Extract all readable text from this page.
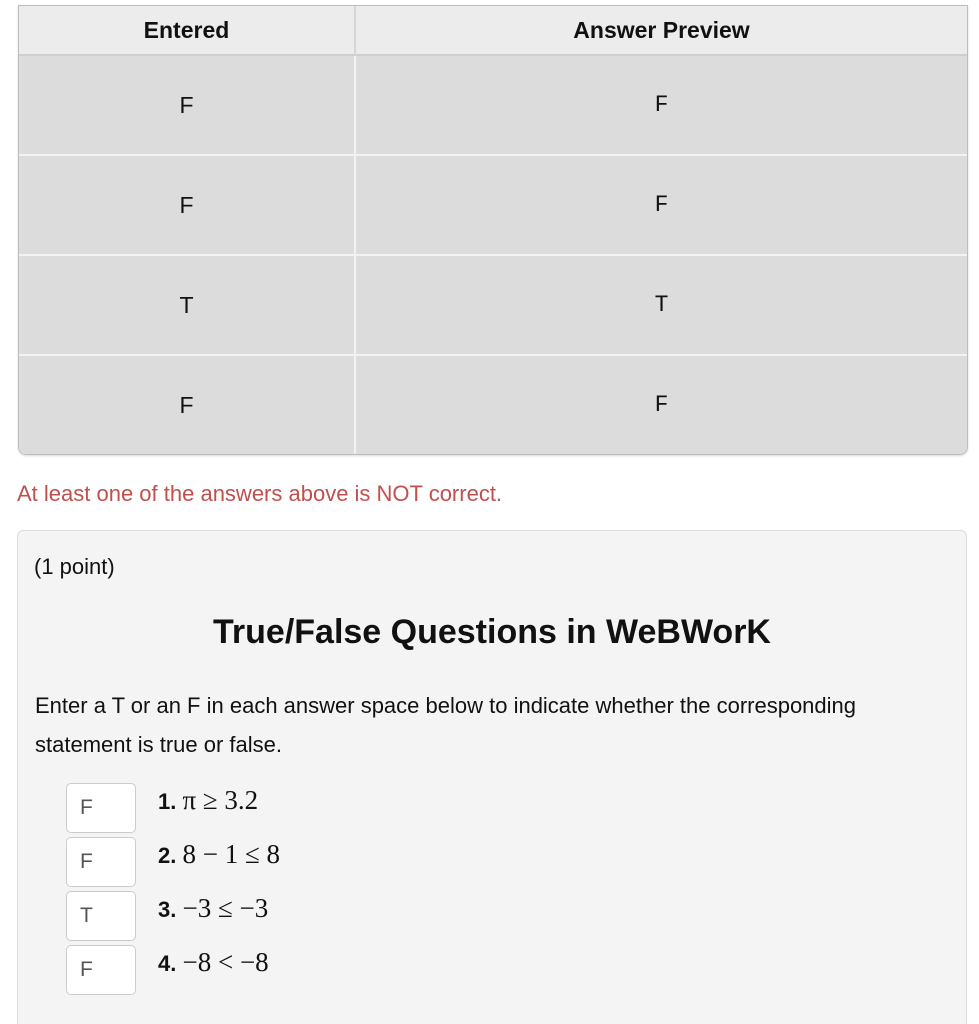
Entered	Answer Preview
F	F
F	F
T	T
F	F
At least one of the answers above is NOT correct.
(1 point)
True/False Questions in WeBWorK
Enter a T or an F in each answer space below to indicate whether the corresponding statement is true or false.
F
1. π ≥ 3.2
F
2. 8 − 1 ≤ 8
T
3. −3 ≤ −3
F
4. −8 < −8
